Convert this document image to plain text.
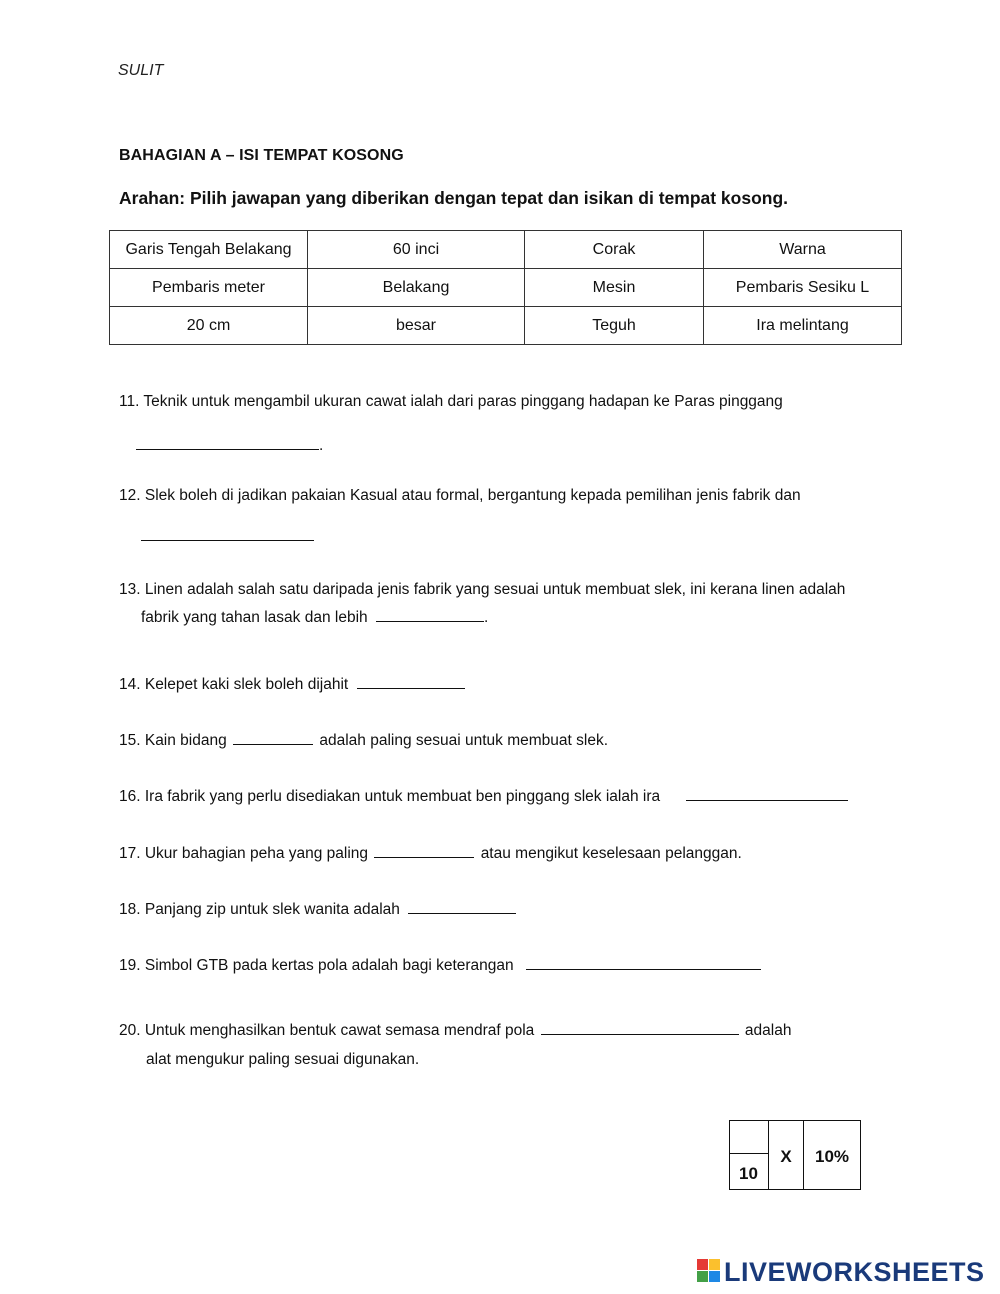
SULIT
BAHAGIAN A – ISI TEMPAT KOSONG
Arahan: Pilih jawapan yang diberikan dengan tepat dan isikan di tempat kosong.
Garis Tengah Belakang	60 inci	Corak	Warna
Pembaris meter	Belakang	Mesin	Pembaris Sesiku L
20 cm	besar	Teguh	Ira melintang
11. Teknik untuk mengambil ukuran cawat ialah dari paras pinggang hadapan ke Paras pinggang
.
12. Slek boleh di jadikan pakaian Kasual atau formal, bergantung kepada pemilihan jenis fabrik dan
13. Linen adalah salah satu daripada jenis fabrik yang sesuai untuk membuat slek, ini kerana linen adalah
fabrik yang tahan lasak dan lebih	.
14. Kelepet kaki slek boleh dijahit
15. Kain bidang	adalah paling sesuai untuk membuat slek.
16. Ira fabrik yang perlu disediakan untuk membuat ben pinggang slek ialah ira
17. Ukur bahagian peha yang paling	atau mengikut keselesaan pelanggan.
18. Panjang zip untuk slek wanita adalah
19. Simbol GTB pada kertas pola adalah bagi keterangan
20. Untuk menghasilkan bentuk cawat semasa mendraf pola	adalah
alat mengukur paling sesuai digunakan.
10
	X	10%
LIVEWORKSHEETS
